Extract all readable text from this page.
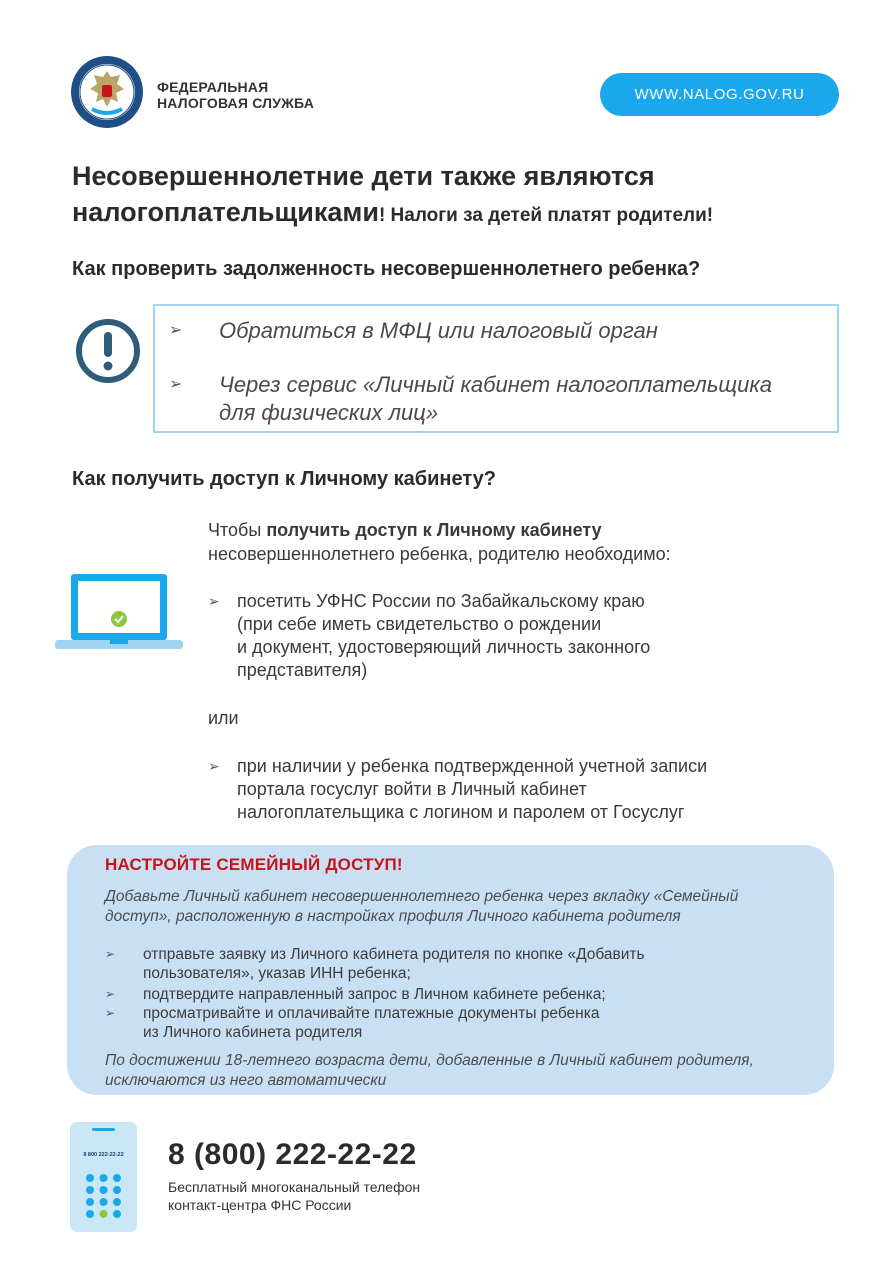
ФЕДЕРАЛЬНАЯ
НАЛОГОВАЯ СЛУЖБА	WWW.NALOG.GOV.RU
Несовершеннолетние дети также являются
налогоплательщиками! Налоги за детей платят родители!
Как проверить задолженность несовершеннолетнего ребенка?
➢	Обратиться в МФЦ или налоговый орган
➢	Через сервис «Личный кабинет налогоплательщика
для физических лиц»
Как получить доступ к Личному кабинету?
Чтобы получить доступ к Личному кабинету
несовершеннолетнего ребенка, родителю необходимо:
➢ посетить УФНС России по Забайкальскому краю
(при себе иметь свидетельство о рождении
и документ, удостоверяющий личность законного
представителя)
или
➢ при наличии у ребенка подтвержденной учетной записи
портала госуслуг войти в Личный кабинет
налогоплательщика с логином и паролем от Госуслуг
НАСТРОЙТЕ СЕМЕЙНЫЙ ДОСТУП!
Добавьте Личный кабинет несовершеннолетнего ребенка через вкладку «Семейный
доступ», расположенную в настройках профиля Личного кабинета родителя
➢	отправьте заявку из Личного кабинета родителя по кнопке «Добавить
пользователя», указав ИНН ребенка;
➢	подтвердите направленный запрос в Личном кабинете ребенка;
➢	просматривайте и оплачивайте платежные документы ребенка
из Личного кабинета родителя
По достижении 18-летнего возраста дети, добавленные в Личный кабинет родителя,
исключаются из него автоматически
8 800 222-22-22 8 (800) 222-22-22
Бесплатный многоканальный телефон
контакт-центра ФНС России
